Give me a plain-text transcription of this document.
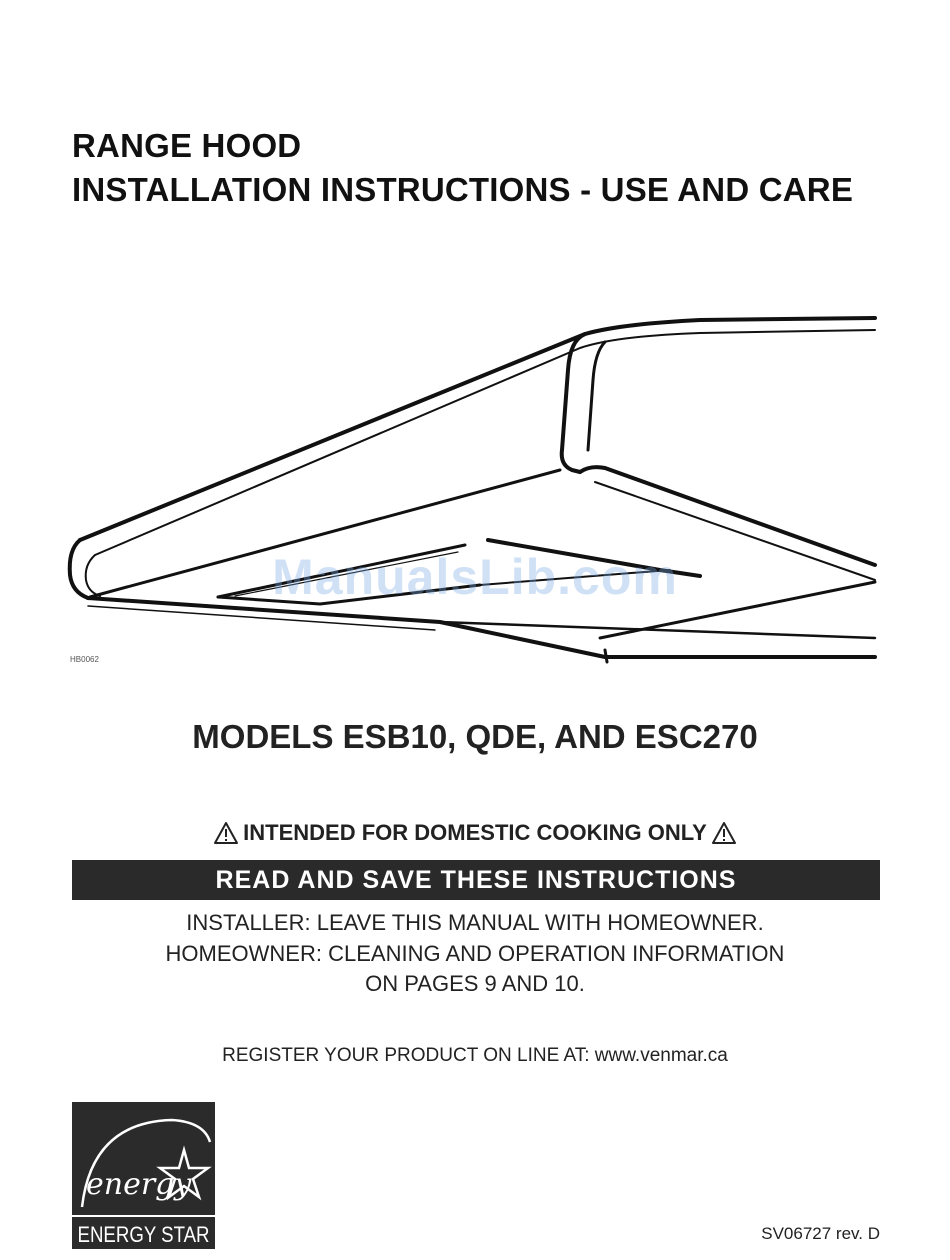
RANGE HOOD
INSTALLATION INSTRUCTIONS - USE AND CARE
ManualsLib.com
HB0062
MODELS ESB10, QDE, AND ESC270
INTENDED FOR DOMESTIC COOKING ONLY
READ AND SAVE THESE INSTRUCTIONS
INSTALLER: LEAVE THIS MANUAL WITH HOMEOWNER.
HOMEOWNER: CLEANING AND OPERATION INFORMATION
ON PAGES 9 AND 10.
REGISTER YOUR PRODUCT ON LINE AT: www.venmar.ca
energy
ENERGY STAR	SV06727 rev. D
